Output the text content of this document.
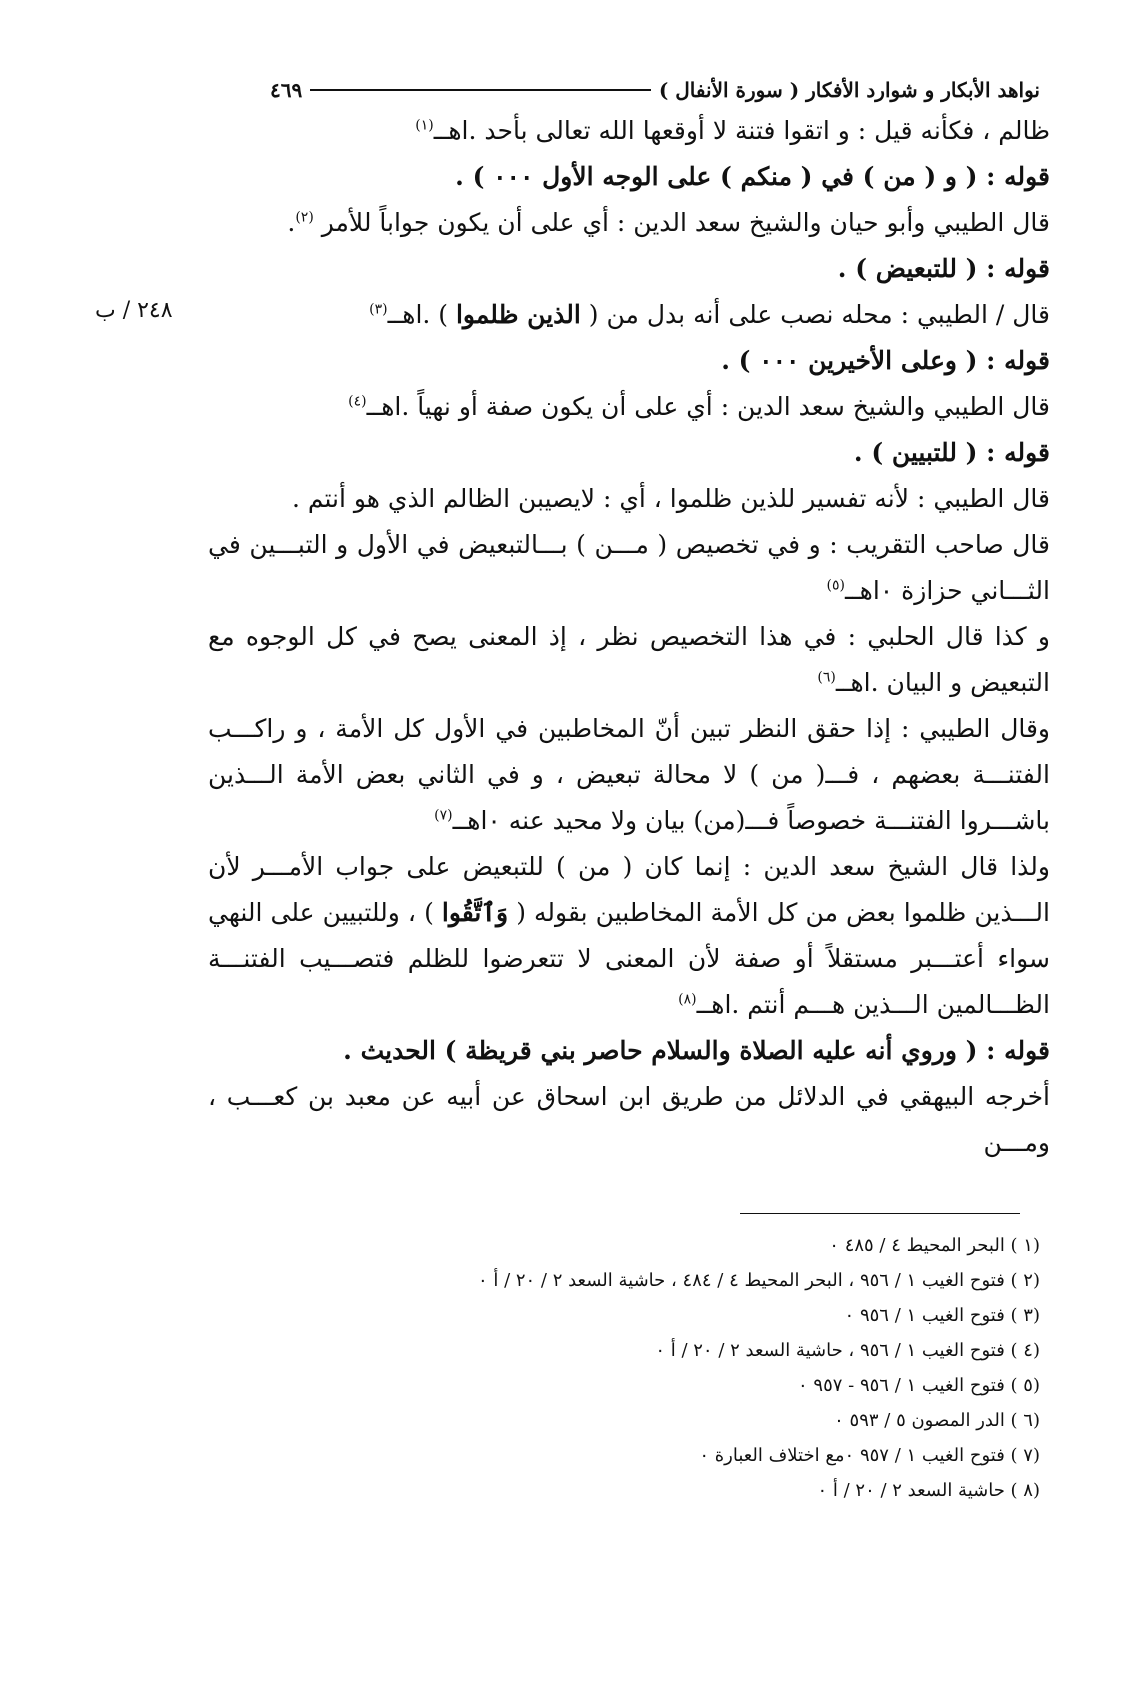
نواهد الأبكار و شوارد الأفكار ( سورة الأنفال )
٤٦٩
٢٤٨ / ب

ظالم ، فكأنه قيل : و اتقوا فتنة لا أوقعها الله تعالى بأحد .اهــ$^{(١)}$

قوله : ( و ( من ) في ( منكم ) على الوجه الأول ٠٠٠ ) .

قال الطيبي وأبو حيان والشيخ سعد الدين : أي على أن يكون جواباً للأمر $^{(٢)}$.

قوله : ( للتبعيض ) .

قال / الطيبي : محله نصب على أنه بدل من ( الذين ظلموا ) .اهــ$^{(٣)}$

قوله : ( وعلى الأخيرين ٠٠٠ ) .

قال الطيبي والشيخ سعد الدين : أي على أن يكون صفة أو نهياً .اهــ$^{(٤)}$

قوله : ( للتبيين ) .

قال الطيبي : لأنه تفسير للذين ظلموا ، أي : لايصيبن الظالم الذي هو أنتم .

قال صاحب التقريب : و في تخصيص ( مـــن ) بـــالتبعيض في الأول و التبـــين في الثـــاني حزازة ٠اهــ$^{(٥)}$

و كذا قال الحلبي : في هذا التخصيص نظر ، إذ المعنى يصح في كل الوجوه مع التبعيض و البيان .اهــ$^{(٦)}$

وقال الطيبي : إذا حقق النظر تبين أنّ المخاطبين في الأول كل الأمة ، و راكـــب الفتنـــة بعضهم ، فـــ( من ) لا محالة تبعيض ، و في الثاني بعض الأمة الـــذين باشـــروا الفتنـــة خصوصاً فـــ(من) بيان ولا محيد عنه ٠اهــ$^{(٧)}$

ولذا قال الشيخ سعد الدين : إنما كان ( من ) للتبعيض على جواب الأمـــر لأن الـــذين ظلموا بعض من كل الأمة المخاطبين بقوله ( وَٱتَّقُوا ) ، وللتبيين على النهي سواء أعتـــبر مستقلاً أو صفة لأن المعنى لا تتعرضوا للظلم فتصـــيب الفتنـــة الظـــالمين الـــذين هـــم أنتم .اهــ$^{(٨)}$

قوله : ( وروي أنه عليه الصلاة والسلام حاصر بني قريظة ) الحديث .

أخرجه البيهقي في الدلائل من طريق ابن اسحاق عن أبيه عن معبد بن كعـــب ، ومـــن

(١ ) البحر المحيط ٤ / ٤٨٥ ٠
(٢ ) فتوح الغيب ١ / ٩٥٦ ، البحر المحيط ٤ / ٤٨٤ ، حاشية السعد ٢ / ٢٠ / أ ٠
(٣ ) فتوح الغيب ١ / ٩٥٦ ٠
(٤ ) فتوح الغيب ١ / ٩٥٦ ، حاشية السعد ٢ / ٢٠ / أ ٠
(٥ ) فتوح الغيب ١ / ٩٥٦ - ٩٥٧ ٠
(٦ ) الدر المصون ٥ / ٥٩٣ ٠
(٧ ) فتوح الغيب ١ / ٩٥٧ ٠مع اختلاف العبارة ٠
(٨ ) حاشية السعد ٢ / ٢٠ / أ ٠
